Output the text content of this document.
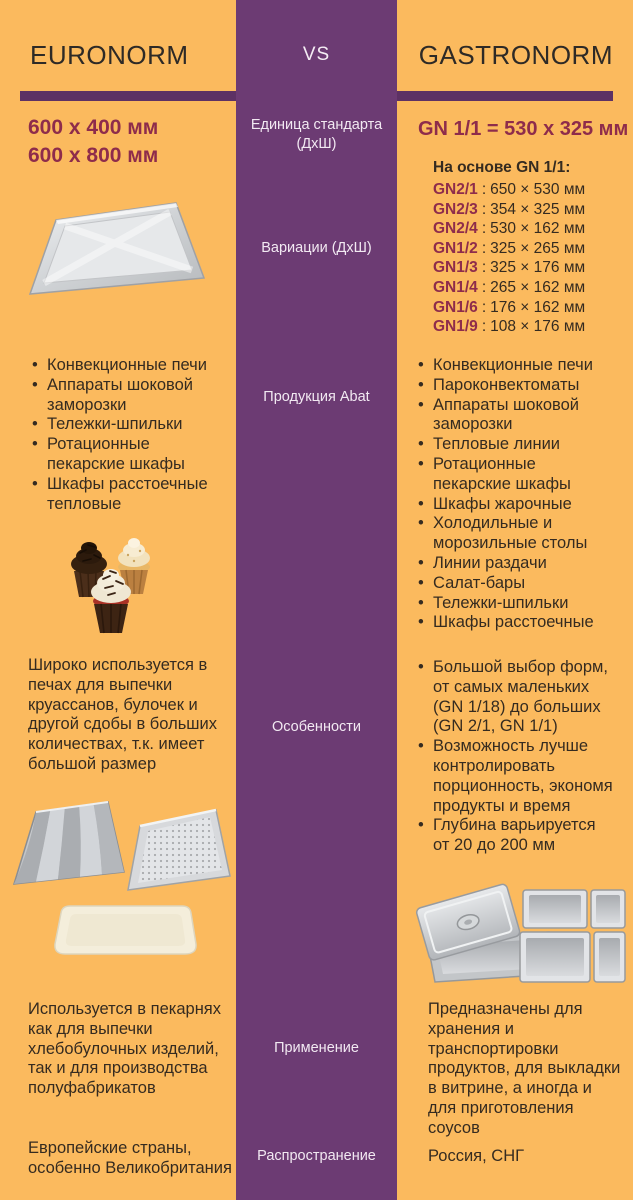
EURONORM	VS	GASTRONORM
Единица стандарта
(ДхШ)
600 x 400 мм
600 x 800 мм
GN 1/1 = 530 x 325 мм
Вариации (ДхШ)
На основе GN 1/1:
GN2/1 : 650 × 530 мм
GN2/3 : 354 × 325 мм
GN2/4 : 530 × 162 мм
GN1/2 : 325 × 265 мм
GN1/3 : 325 × 176 мм
GN1/4 : 265 × 162 мм
GN1/6 : 176 × 162 мм
GN1/9 : 108 × 176 мм
Продукция Abat
• Конвекционные печи
• Аппараты шоковой заморозки
• Тележки-шпильки
• Ротационные пекарские шкафы
• Шкафы расстоечные тепловые
• Конвекционные печи
• Пароконвектоматы
• Аппараты шоковой заморозки
• Тепловые линии
• Ротационные пекарские шкафы
• Шкафы жарочные
• Холодильные и морозильные столы
• Линии раздачи
• Салат-бары
• Тележки-шпильки
• Шкафы расстоечные
Особенности
Широко используется в печах для выпечки круассанов, булочек и другой сдобы в больших количествах, т.к. имеет большой размер
• Большой выбор форм, от самых маленьких (GN 1/18) до больших (GN 2/1, GN 1/1)
• Возможность лучше контролировать порционность, экономя продукты и время
• Глубина варьируется от 20 до 200 мм
Применение
Используется в пекарнях как для выпечки хлебобулочных изделий, так и для производства полуфабрикатов
Предназначены для хранения и транспортировки продуктов, для выкладки в витрине, а иногда и для приготовления соусов
Распространение
Европейские страны, особенно Великобритания
Россия, СНГ
